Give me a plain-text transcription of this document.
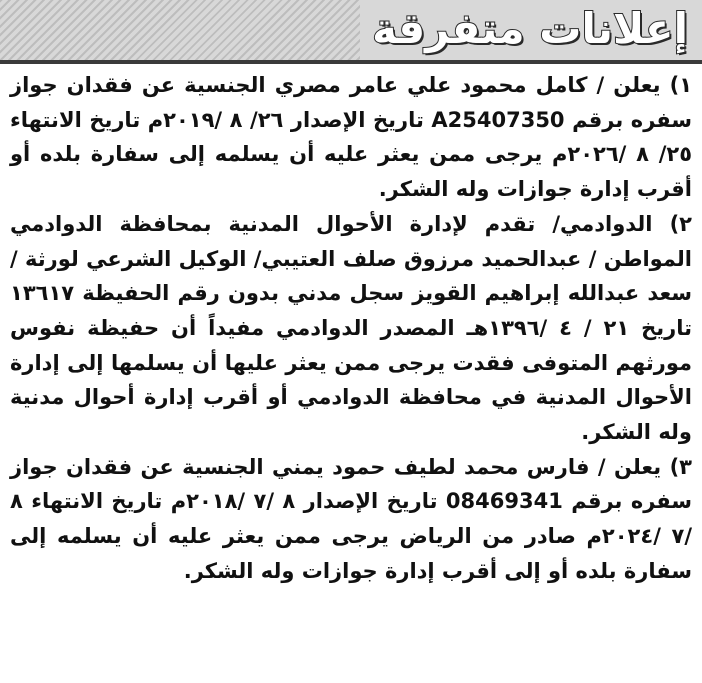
إعلانات متفرقة

١) يعلن / كامل محمود علي عامر مصري الجنسية عن فقدان جواز سفره برقم A25407350 تاريخ الإصدار ٢٦/ ٨ /٢٠١٩م تاريخ الانتهاء ٢٥/ ٨ /٢٠٢٦م يرجى ممن يعثر عليه أن يسلمه إلى سفارة بلده أو أقرب إدارة جوازات وله الشكر.

٢) الدوادمي/ تقدم لإدارة الأحوال المدنية بمحافظة الدوادمي المواطن / عبدالحميد مرزوق صلف العتيبي/ الوكيل الشرعي لورثة / سعد عبدالله إبراهيم القويز سجل مدني بدون رقم الحفيظة ١٣٦١٧ تاريخ ٢١ / ٤ /١٣٩٦هـ المصدر الدوادمي مفيداً أن حفيظة نفوس مورثهم المتوفى فقدت يرجى ممن يعثر عليها أن يسلمها إلى إدارة الأحوال المدنية في محافظة الدوادمي أو أقرب إدارة أحوال مدنية وله الشكر.

٣) يعلن / فارس محمد لطيف حمود يمني الجنسية عن فقدان جواز سفره برقم 08469341 تاريخ الإصدار ٨ /٧ /٢٠١٨م تاريخ الانتهاء ٨ /٧ /٢٠٢٤م صادر من الرياض يرجى ممن يعثر عليه أن يسلمه إلى سفارة بلده أو إلى أقرب إدارة جوازات وله الشكر.
